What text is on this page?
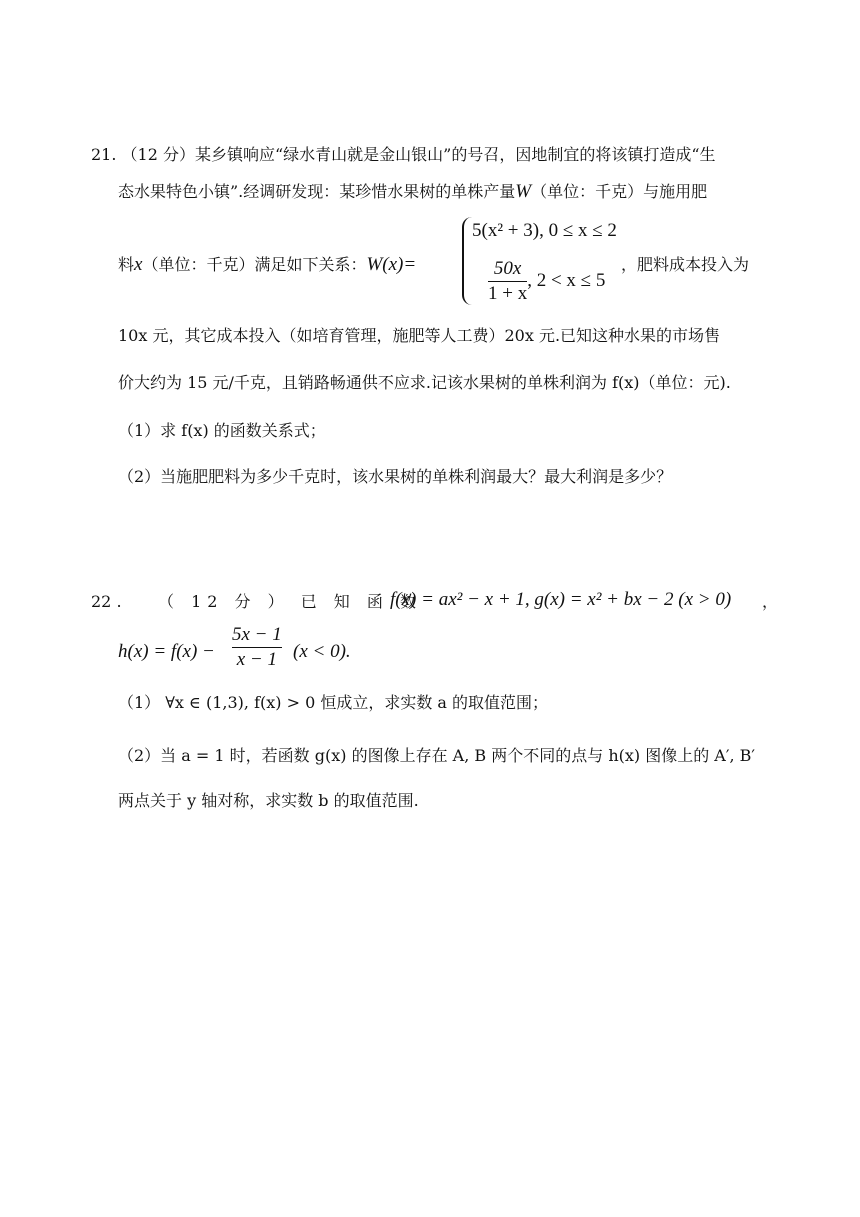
21. （12 分）某乡镇响应“绿水青山就是金山银山”的号召，因地制宜的将该镇打造成“生
态水果特色小镇”.经调研发现：某珍惜水果树的单株产量W（单位：千克）与施用肥
料x（单位：千克）满足如下关系：W(x)=
5(x² + 3), 0 ≤ x ≤ 2
$\frac{50x}{1 + x}$ , 2 < x ≤ 5
，肥料成本投入为
10x 元，其它成本投入（如培育管理，施肥等人工费）20x 元.已知这种水果的市场售
价大约为 15 元/千克，且销路畅通供不应求.记该水果树的单株利润为 f(x)（单位：元).
（1）求 f(x) 的函数关系式；
（2）当施肥肥料为多少千克时，该水果树的单株利润最大？最大利润是多少？
22 . （ 12 分 ） 已 知 函 数
f(x) = ax² − x + 1, g(x) = x² + bx − 2 (x > 0) ，
$h(x) = f(x) - \frac{5x - 1}{x - 1} (x < 0)$.
（1） ∀x ∈ (1,3), f(x) > 0 恒成立，求实数 a 的取值范围；
（2）当 a = 1 时，若函数 g(x) 的图像上存在 A, B 两个不同的点与 h(x) 图像上的 A′, B′
两点关于 y 轴对称，求实数 b 的取值范围.
